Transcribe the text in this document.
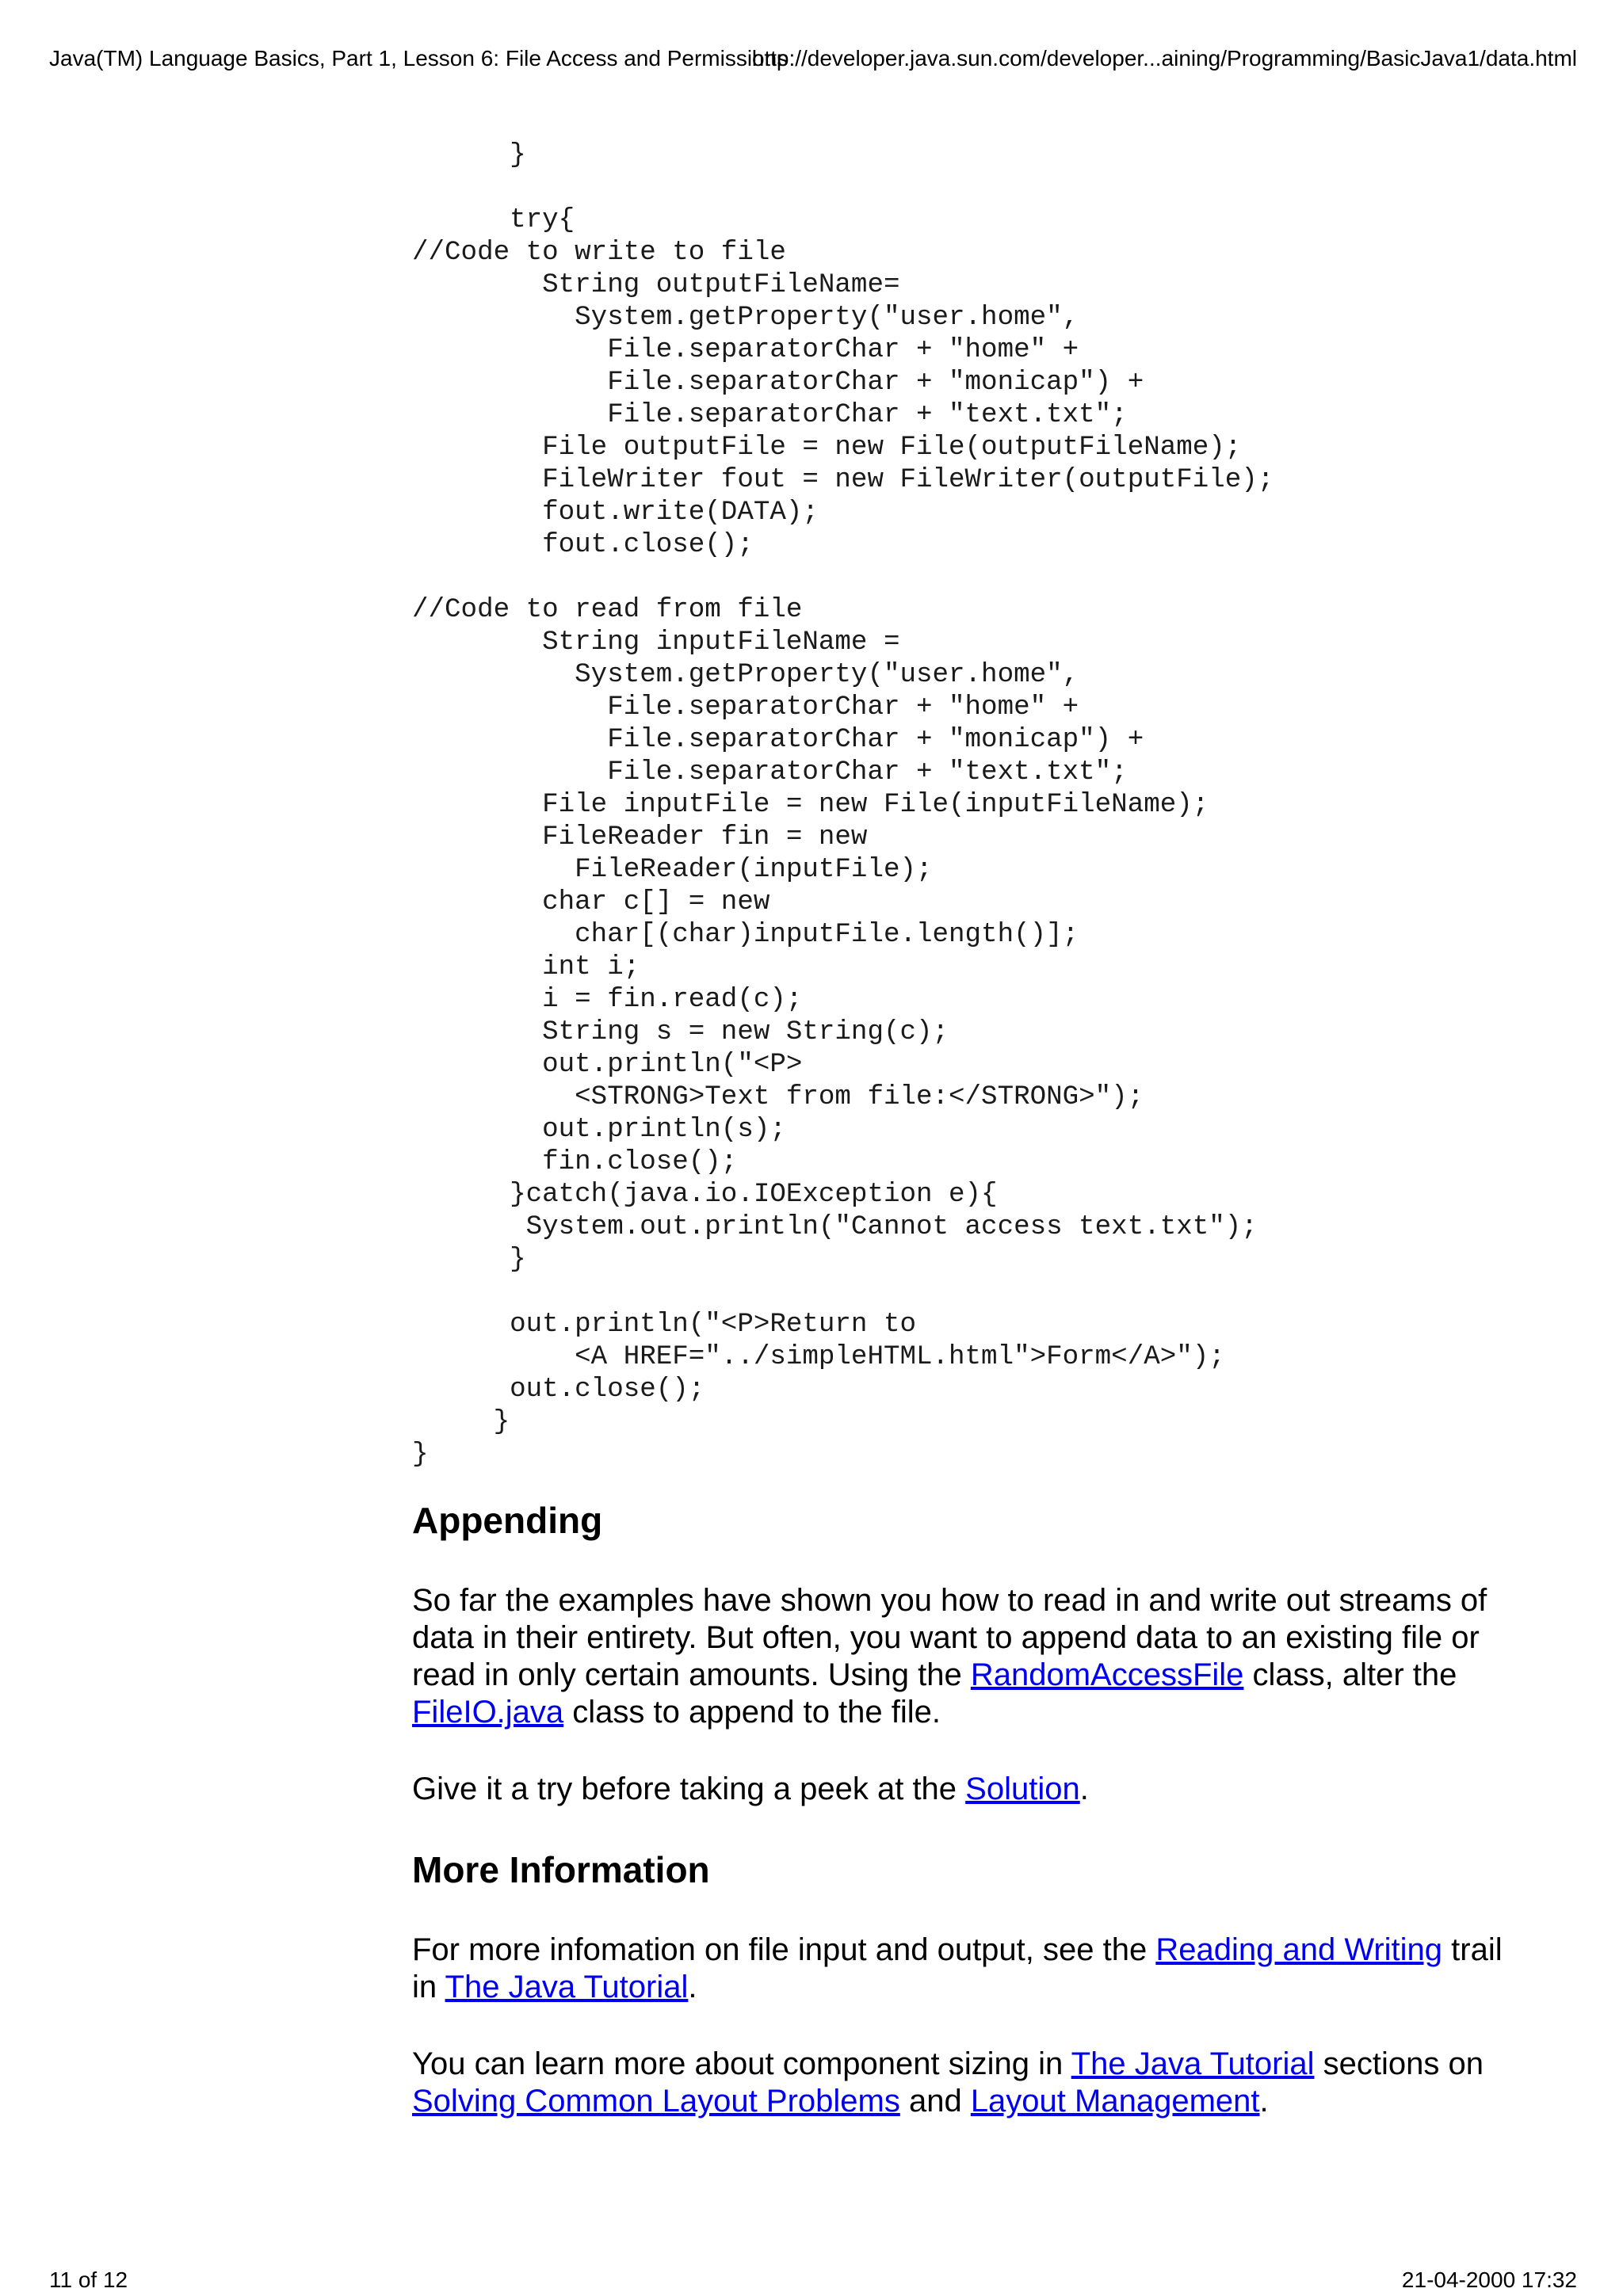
Java(TM) Language Basics, Part 1, Lesson 6: File Access and Permissions
http://developer.java.sun.com/developer...aining/Programming/BasicJava1/data.html
}

try{
//Code to write to file
String outputFileName=
System.getProperty("user.home",
File.separatorChar + "home" +
File.separatorChar + "monicap") +
File.separatorChar + "text.txt";
File outputFile = new File(outputFileName);
FileWriter fout = new FileWriter(outputFile);
fout.write(DATA);
fout.close();

//Code to read from file
String inputFileName =
System.getProperty("user.home",
File.separatorChar + "home" +
File.separatorChar + "monicap") +
File.separatorChar + "text.txt";
File inputFile = new File(inputFileName);
FileReader fin = new
FileReader(inputFile);
char c[] = new
char[(char)inputFile.length()];
int i;
i = fin.read(c);
String s = new String(c);
out.println("<P>
<STRONG>Text from file:</STRONG>");
out.println(s);
fin.close();
}catch(java.io.IOException e){
System.out.println("Cannot access text.txt");
}

out.println("<P>Return to
<A HREF="../simpleHTML.html">Form</A>");
out.close();
}
}
Appending

So far the examples have shown you how to read in and write out streams of data in their entirety. But often, you want to append data to an existing file or read in only certain amounts. Using the RandomAccessFile class, alter the FileIO.java class to append to the file.

Give it a try before taking a peek at the Solution.

More Information

For more infomation on file input and output, see the Reading and Writing trail in The Java Tutorial.

You can learn more about component sizing in The Java Tutorial sections on Solving Common Layout Problems and Layout Management.

11 of 12	21-04-2000 17:32
